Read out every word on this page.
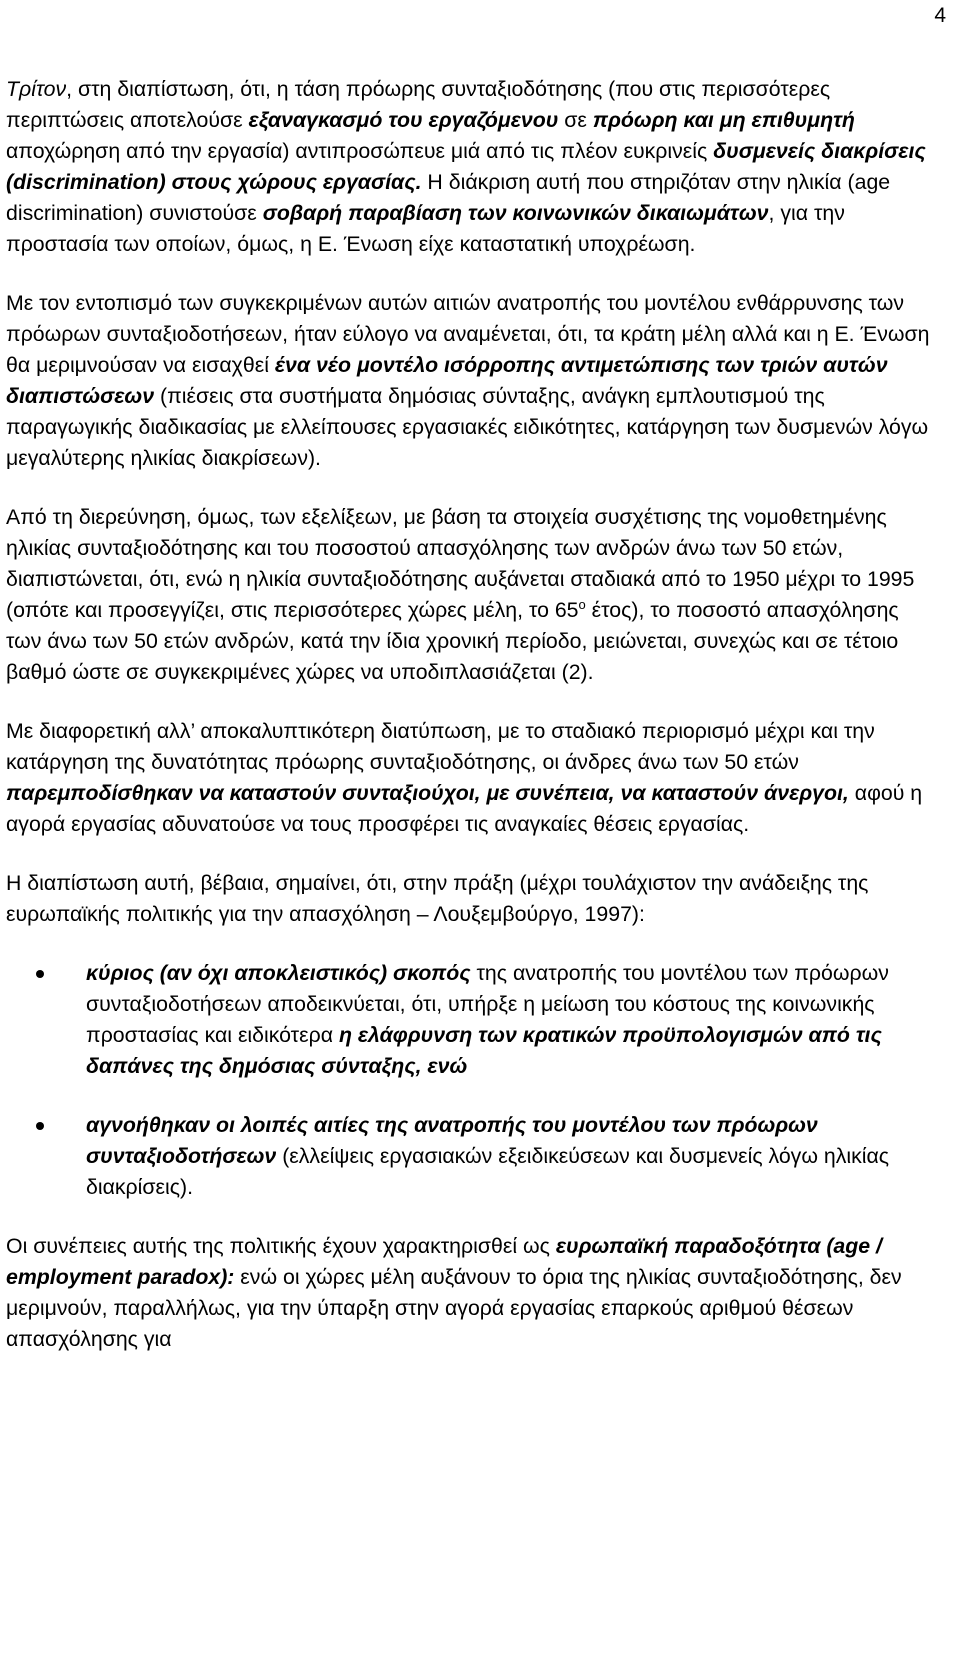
4

Τρίτον, στη διαπίστωση, ότι, η τάση πρόωρης συνταξιοδότησης (που στις περισσότερες περιπτώσεις αποτελούσε εξαναγκασμό του εργαζόμενου σε πρόωρη και μη επιθυμητή αποχώρηση από την εργασία) αντιπροσώπευε μιά από τις πλέον ευκρινείς δυσμενείς διακρίσεις (discrimination) στους χώρους εργασίας. Η διάκριση αυτή που στηριζόταν στην ηλικία (age discrimination) συνιστούσε σοβαρή παραβίαση των κοινωνικών δικαιωμάτων, για την προστασία των οποίων, όμως, η Ε. Ένωση είχε καταστατική υποχρέωση.

Με τον εντοπισμό των συγκεκριμένων αυτών αιτιών ανατροπής του μοντέλου ενθάρρυνσης των πρόωρων συνταξιοδοτήσεων, ήταν εύλογο να αναμένεται, ότι, τα κράτη μέλη αλλά και η Ε. Ένωση θα μεριμνούσαν να εισαχθεί ένα νέο μοντέλο ισόρροπης αντιμετώπισης των τριών αυτών διαπιστώσεων (πιέσεις στα συστήματα δημόσιας σύνταξης, ανάγκη εμπλουτισμού της παραγωγικής διαδικασίας με ελλείπουσες εργασιακές ειδικότητες, κατάργηση των δυσμενών λόγω μεγαλύτερης ηλικίας διακρίσεων).

Από τη διερεύνηση, όμως, των εξελίξεων, με βάση τα στοιχεία συσχέτισης της νομοθετημένης ηλικίας συνταξιοδότησης και του ποσοστού απασχόλησης των ανδρών άνω των 50 ετών, διαπιστώνεται, ότι, ενώ η ηλικία συνταξιοδότησης αυξάνεται σταδιακά από το 1950 μέχρι το 1995 (οπότε και προσεγγίζει, στις περισσότερες χώρες μέλη, το $65^o$ έτος), το ποσοστό απασχόλησης των άνω των 50 ετών ανδρών, κατά την ίδια χρονική περίοδο, μειώνεται, συνεχώς και σε τέτοιο βαθμό ώστε σε συγκεκριμένες χώρες να υποδιπλασιάζεται (2).

Με διαφορετική αλλ’ αποκαλυπτικότερη διατύπωση, με το σταδιακό περιορισμό μέχρι και την κατάργηση της δυνατότητας πρόωρης συνταξιοδότησης, οι άνδρες άνω των 50 ετών παρεμποδίσθηκαν να καταστούν συνταξιούχοι, με συνέπεια, να καταστούν άνεργοι, αφού η αγορά εργασίας αδυνατούσε να τους προσφέρει τις αναγκαίες θέσεις εργασίας.

Η διαπίστωση αυτή, βέβαια, σημαίνει, ότι, στην πράξη (μέχρι τουλάχιστον την ανάδειξης της ευρωπαϊκής πολιτικής για την απασχόληση – Λουξεμβούργο, 1997):

κύριος (αν όχι αποκλειστικός) σκοπός της ανατροπής του μοντέλου των πρόωρων συνταξιοδοτήσεων αποδεικνύεται, ότι, υπήρξε η μείωση του κόστους της κοινωνικής προστασίας και ειδικότερα η ελάφρυνση των κρατικών προϋπολογισμών από τις δαπάνες της δημόσιας σύνταξης, ενώ
αγνοήθηκαν οι λοιπές αιτίες της ανατροπής του μοντέλου των πρόωρων συνταξιοδοτήσεων (ελλείψεις εργασιακών εξειδικεύσεων και δυσμενείς λόγω ηλικίας διακρίσεις).

Οι συνέπειες αυτής της πολιτικής έχουν χαρακτηρισθεί ως ευρωπαϊκή παραδοξότητα (age / employment paradox): ενώ οι χώρες μέλη αυξάνουν το όρια της ηλικίας συνταξιοδότησης, δεν μεριμνούν, παραλλήλως, για την ύπαρξη στην αγορά εργασίας επαρκούς αριθμού θέσεων απασχόλησης για
